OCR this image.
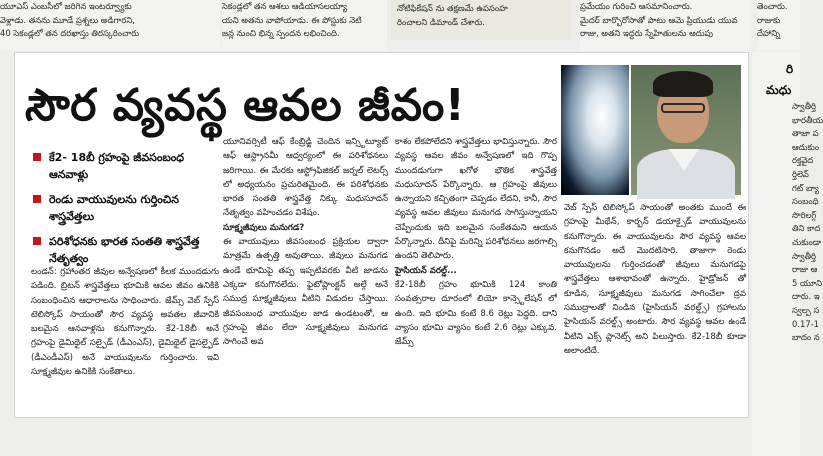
యూఎస్ ఎంబసీలో జరిగిన ఇంటర్వ్యూకు

వెళ్లాడు. తనను మూడే ప్రశ్నలు అడిగారని,

40 సెకండ్లలో తన దరఖాస్తు తిరస్కరించారు

సెకండ్లలో తన ఆశలు ఆడియాసలయ్యా

యని అతను వాపోయాడు. ఈ పోస్టుకు నెటి

జన్ల నుంచి భిన్న స్పందన లభించింది.

నోటిఫికేషన్ ను తక్షణమే ఉపసంహ

రించాలని డిమాండ్ చేశారు.

ప్రమేయం గురించి ఆసమానించారు.

మైదర్ బార్బొరోసాతో పాటు ఆమె ప్రియుడు యువ

రాజు, అతని ఇద్దరు స్నేహితులను అదుపు

తెంచారు.

రాజుకు

దేహాన్ని

సౌర వ్యవస్థ ఆవల జీవం!
కే2- 18బీ గ్రహంపై జీవసంబంధ ఆనవాళ్లు
రెండు వాయువులను గుర్తించిన శాస్త్రవేత్తలు
పరిశోధనకు భారత సంతతి శాస్త్రవేత్త నేతృత్వం

లండన్: గ్రహాంతర జీవుల అన్వేషణలో కీలక ముందడుగు పడింది. బ్రిటన్ శాస్త్రవేత్తలు భూమికి ఆవల జీవం ఉనికికి సంబంధించిన ఆధారాలను సాధించారు. జేమ్స్ వెబ్ స్పేస్ టెలిస్కోప్ సాయంతో సౌర వ్యవస్థ అవతల జీవానికి బలమైన ఆనవాళ్లను కనుగొన్నారు. కే2-18బీ అనే గ్రహంపై డైమిథైల్ సల్ఫైడ్ (డీఎంఎస్), డైమిథైల్ డైసల్ఫైడ్ (డీఎండీఎస్) అనే వాయువులను గుర్తించారు. ఇవి సూక్ష్మజీవుల ఉనికికి సంకేతాలు.

యూనివర్సిటీ ఆఫ్ కేంబ్రిడ్జి చెందిన ఇన్స్టిట్యూట్ ఆఫ్ ఆస్ట్రానమీ ఆధ్వర్యంలో ఈ పరిశోధనలు జరిగాయి. ఈ మేరకు ఆస్ట్రోఫిజికల్ జర్నల్ లెటర్స్ లో అధ్యయనం ప్రచురితమైంది. ఈ పరిశోధనకు భారత సంతతి శాస్త్రవేత్త నిక్కు మధుసూదన్ నేతృత్వం వహించడం విశేషం.

సూక్ష్మజీవులు మనుగడ?

ఈ వాయువులు జీవసంబంధ ప్రక్రియల ద్వారా మాత్రమే ఉత్పత్తి అవుతాయి. జీవులు మనుగడ ఉండే భూమిపై తప్ప ఇప్పటివరకు వీటి జాడను ఎక్కడా కనుగొనలేదు. ఫైటోప్లాంక్టన్ అల్గే అనే సముద్ర సూక్ష్మజీవులు వీటిని విడుదల చేస్తాయి. జీవసంబంధ వాయువుల జాడ ఉండటంతో, ఆ గ్రహంపై జీవం లేదా సూక్ష్మజీవులు మనుగడ సాగించే అవ

కాశం లేకపోలేదని శాస్త్రవేత్తలు భావిస్తున్నారు. సౌర వ్యవస్థ ఆవల జీవం అన్వేషణలో ఇది గొప్ప ముందడుగుగా ఖగోళ భౌతిక శాస్త్రవేత్త మధుసూదన్ పేర్కొన్నారు. ఆ గ్రహంపై జీవులు ఉన్నాయని కచ్చితంగా చెప్పడం లేదని, కానీ, సౌర వ్యవస్థ ఆవల జీవులు మనుగడ సాగిస్తున్నాయని చెప్పేందుకు ఇది బలమైన సంకేతమని ఆయన పేర్కొన్నారు. దీనిపై మరిన్ని పరిశోధనలు జరగాల్సి ఉందని తెలిపారు.

హైసియన్ వరల్డ్...

కే2-18బీ గ్రహం భూమికి 124 కాంతి సంవత్సరాల దూరంలో లియో కాన్స్టెలేషన్ లో ఉంది. ఇది భూమి కంటే 8.6 రెట్లు పెద్దది. దాని వ్యాసం భూమి వ్యాసం కంటే 2.6 రెట్లు ఎక్కువ. జేమ్స్

వెబ్ స్పేస్ టెలిస్కోప్ సాయంతో అంతకు ముందే ఈ గ్రహంపై మీథేన్, కార్బన్ డయాక్సైడ్ వాయువులను కనుగొన్నారు. ఈ వాయువులను సౌర వ్యవస్థ ఆవల కనుగొనడం అదే మొదటిసారి. తాజాగా రెండు వాయువులను గుర్తించడంతో జీవులు మనుగడపై శాస్త్రవేత్తలు ఆశాభావంతో ఉన్నారు. హైడ్రోజన్ తో కూడిన, సూక్ష్మజీవులు మనుగడ సాగించేలా ద్రవ సముద్రాలతో నిండిన (హైసియన్ వరల్డ్స్) గ్రహాలను హైసియన్ వరల్డ్స్ అంటారు. సౌర వ్యవస్థ ఆవల ఉండే వీటిని ఎక్స్ ప్లానెట్స్ అని పిలుస్తారు. కే2-18బీ కూడా అలాంటిదే.

రి
మధు
స్వాతీర్తి
భారతీయ
తాజా ప
ఆదుకుం
రక్తవైద
ర్తిలెవ్
గట్ బ్యా
సంబంధి
సొరిలగ్గ్
తిని కాద
చుకుండా
స్వాతీర్తి
రాజు ఆ
5 యూని
దారు. ఇ
స్వల్ప స
0.17-1
బాదం న
